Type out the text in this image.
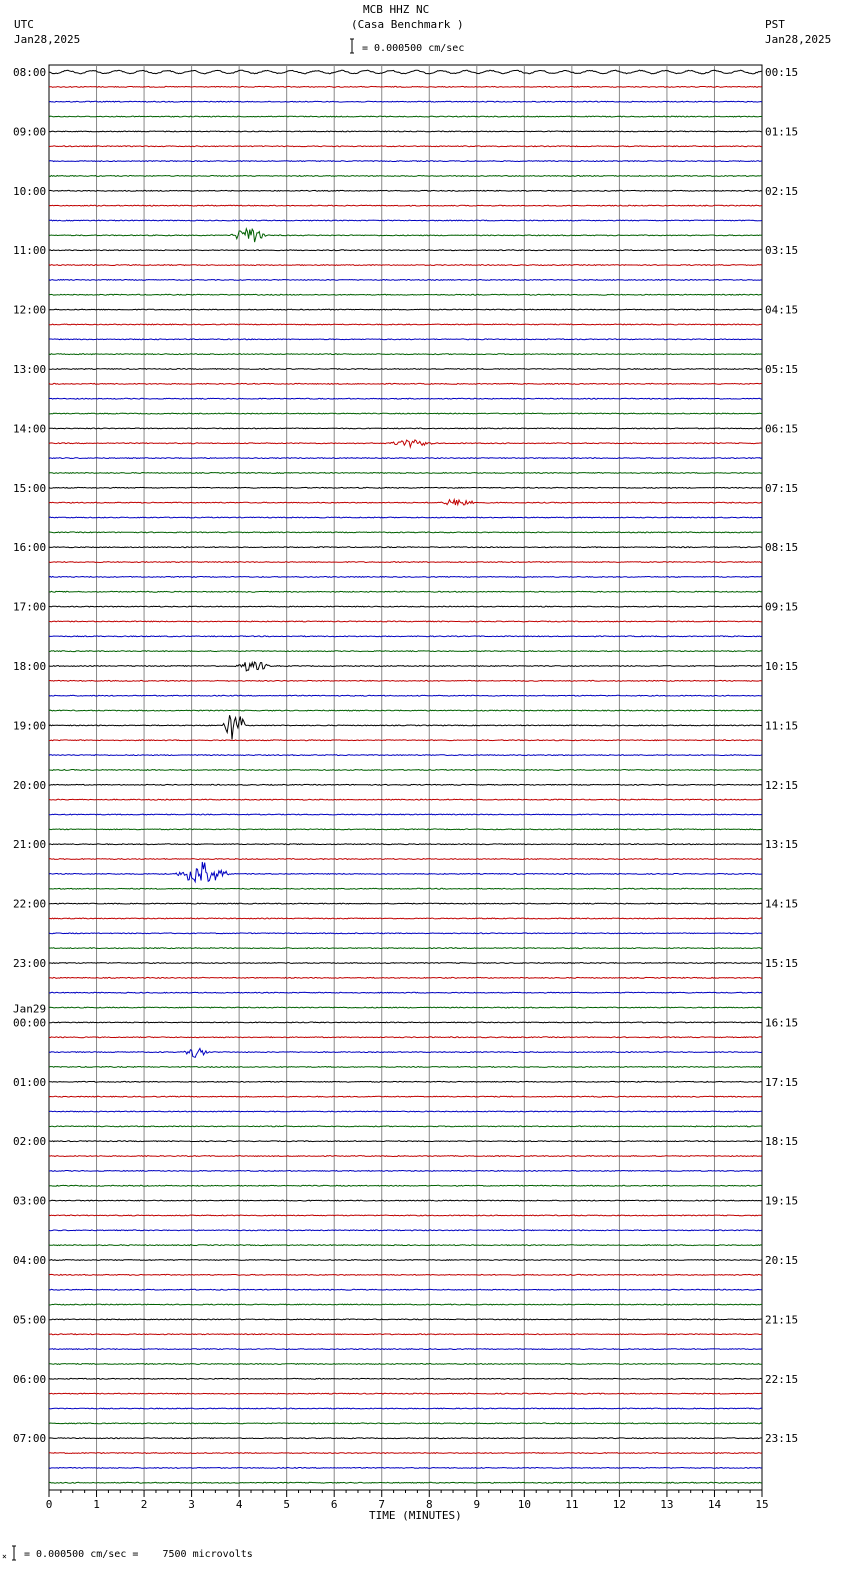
MCB HHZ NC
(Casa Benchmark )
= 0.000500 cm/sec
UTC
Jan28,2025
PST
Jan28,2025
TIME (MINUTES)
= 0.000500 cm/sec =    7500 microvolts
0	1	2	3	4	5	6	7	8	9	10	11	12	13	14	15
×
08:00
09:00
10:00
11:00
12:00
13:00
14:00
15:00
16:00
17:00
18:00
19:00
20:00
21:00
22:00
23:00
00:00
01:00
02:00
03:00
04:00
05:00
06:00
07:00
00:15
01:15
02:15
03:15
04:15
05:15
06:15
07:15
08:15
09:15
10:15
11:15
12:15
13:15
14:15
15:15
16:15
17:15
18:15
19:15
20:15
21:15
22:15
23:15
Jan29
